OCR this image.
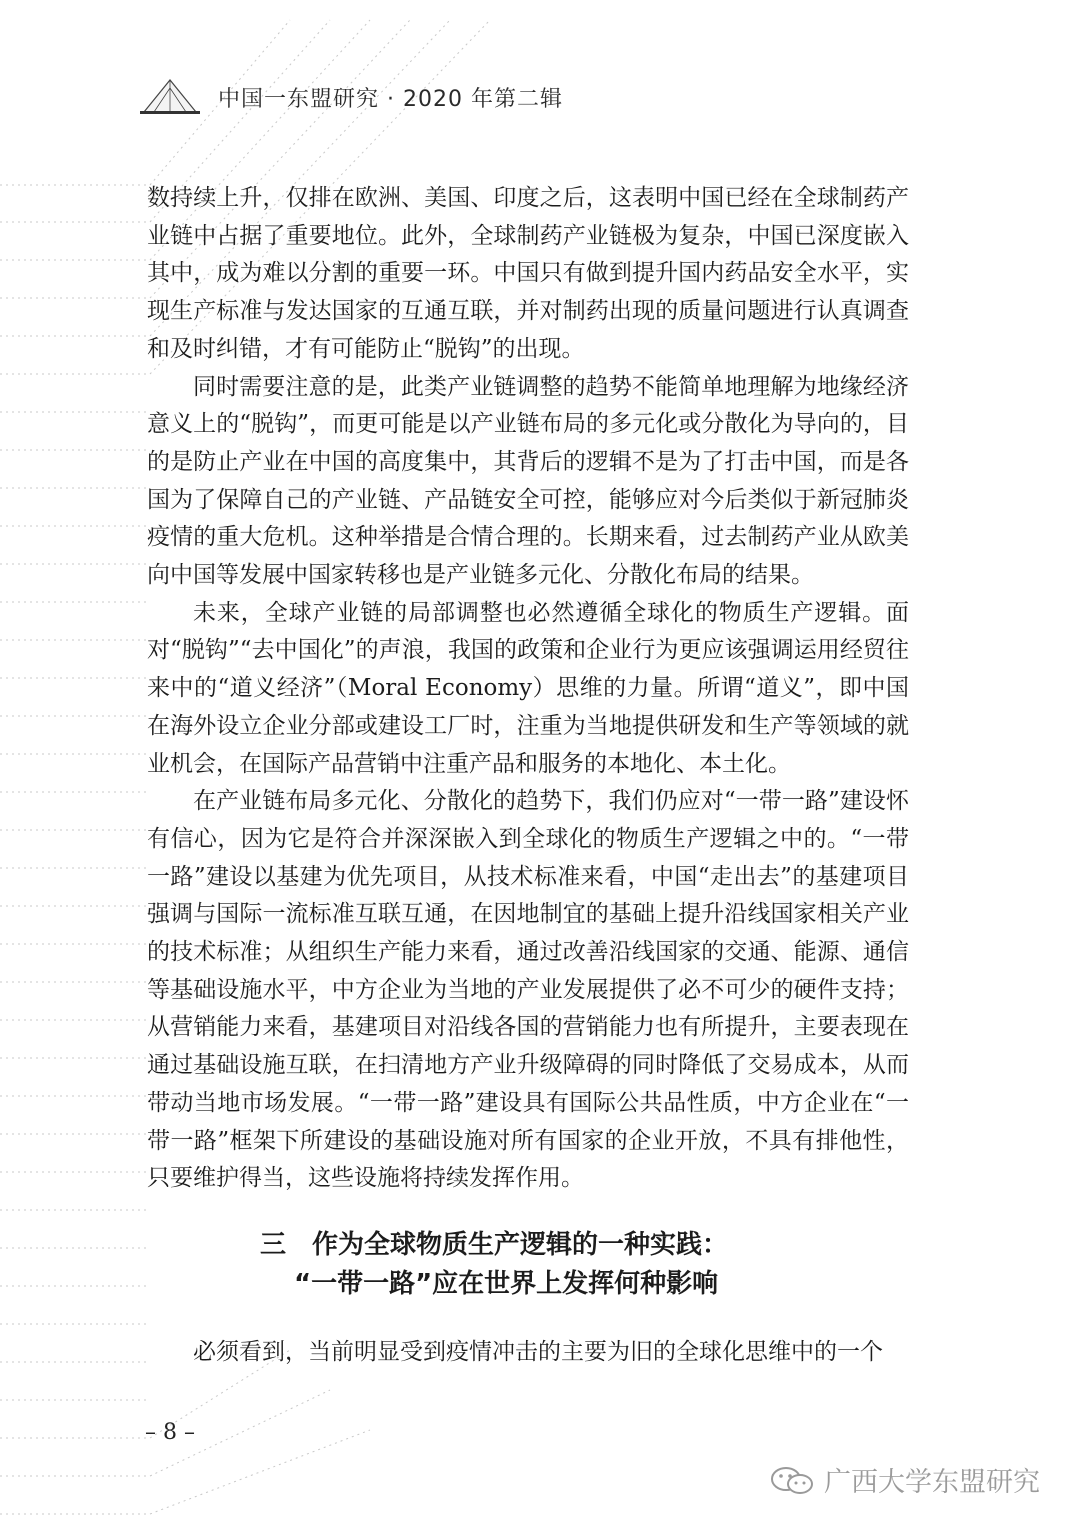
中国一东盟研究 · 2020 年第二辑

数持续上升，仅排在欧洲、美国、印度之后，这表明中国已经在全球制药产业链中占据了重要地位。此外，全球制药产业链极为复杂，中国已深度嵌入其中，成为难以分割的重要一环。中国只有做到提升国内药品安全水平，实现生产标准与发达国家的互通互联，并对制药出现的质量问题进行认真调查和及时纠错，才有可能防止“脱钩”的出现。

同时需要注意的是，此类产业链调整的趋势不能简单地理解为地缘经济意义上的“脱钩”，而更可能是以产业链布局的多元化或分散化为导向的，目的是防止产业在中国的高度集中，其背后的逻辑不是为了打击中国，而是各国为了保障自己的产业链、产品链安全可控，能够应对今后类似于新冠肺炎疫情的重大危机。这种举措是合情合理的。长期来看，过去制药产业从欧美向中国等发展中国家转移也是产业链多元化、分散化布局的结果。

未来，全球产业链的局部调整也必然遵循全球化的物质生产逻辑。面对“脱钩”“去中国化”的声浪，我国的政策和企业行为更应该强调运用经贸往来中的“道义经济”（Moral Economy）思维的力量。所谓“道义”，即中国在海外设立企业分部或建设工厂时，注重为当地提供研发和生产等领域的就业机会，在国际产品营销中注重产品和服务的本地化、本土化。

在产业链布局多元化、分散化的趋势下，我们仍应对“一带一路”建设怀有信心，因为它是符合并深深嵌入到全球化的物质生产逻辑之中的。“一带一路”建设以基建为优先项目，从技术标准来看，中国“走出去”的基建项目强调与国际一流标准互联互通，在因地制宜的基础上提升沿线国家相关产业的技术标准；从组织生产能力来看，通过改善沿线国家的交通、能源、通信等基础设施水平，中方企业为当地的产业发展提供了必不可少的硬件支持；从营销能力来看，基建项目对沿线各国的营销能力也有所提升，主要表现在通过基础设施互联，在扫清地方产业升级障碍的同时降低了交易成本，从而带动当地市场发展。“一带一路”建设具有国际公共品性质，中方企业在“一带一路”框架下所建设的基础设施对所有国家的企业开放，不具有排他性，只要维护得当，这些设施将持续发挥作用。

三　作为全球物质生产逻辑的一种实践：
“一带一路”应在世界上发挥何种影响

必须看到，当前明显受到疫情冲击的主要为旧的全球化思维中的一个

– 8 –
广西大学东盟研究
